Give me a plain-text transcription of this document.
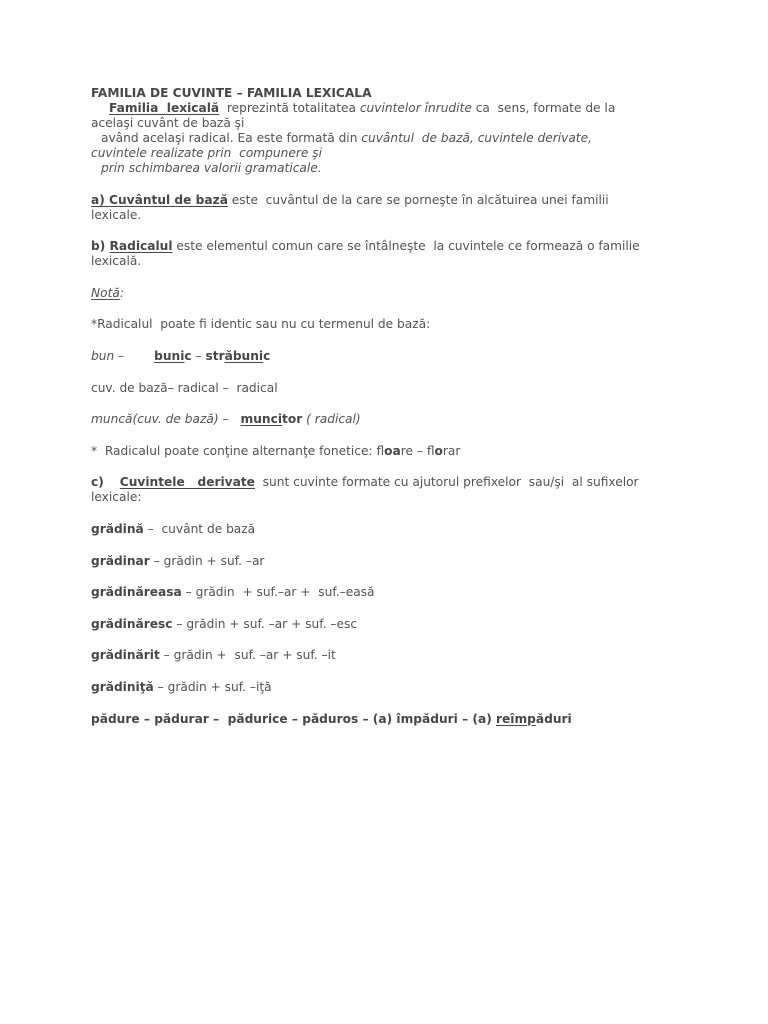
FAMILIA DE CUVINTE – FAMILIA LEXICALA
Familia  lexicală  reprezintă totalitatea cuvintelor înrudite ca  sens, formate de la
acelaşi cuvânt de bază şi
având acelaşi radical. Ea este formată din cuvântul  de bază, cuvintele derivate,
cuvintele realizate prin  compunere şi
prin schimbarea valorii gramaticale.
a) Cuvântul de bază este  cuvântul de la care se porneşte în alcătuirea unei familii
lexicale.
b) Radicalul este elementul comun care se întâlneşte  la cuvintele ce formează o familie
lexicală.
Notă:
*Radicalul  poate fi identic sau nu cu termenul de bază:
bun – bunic – străbunic
cuv. de bază– radical –  radical
muncă(cuv. de bază) – muncitor ( radical)
*  Radicalul poate conţine alternanţe fonetice: floare – florar
c) Cuvintele   derivate  sunt cuvinte formate cu ajutorul prefixelor  sau/şi  al sufixelor
lexicale:
grădină –  cuvânt de bază
grădinar – grădin + suf. –ar
grădinăreasa – grădin  + suf.–ar +  suf.–easă
grădinăresc – grădin + suf. –ar + suf. –esc
grădinărit – grădin +  suf. –ar + suf. –it
grădiniţă – grădin + suf. –iţă
pădure – pădurar –  pădurice – păduros – (a) împăduri – (a) reîmpăduri
